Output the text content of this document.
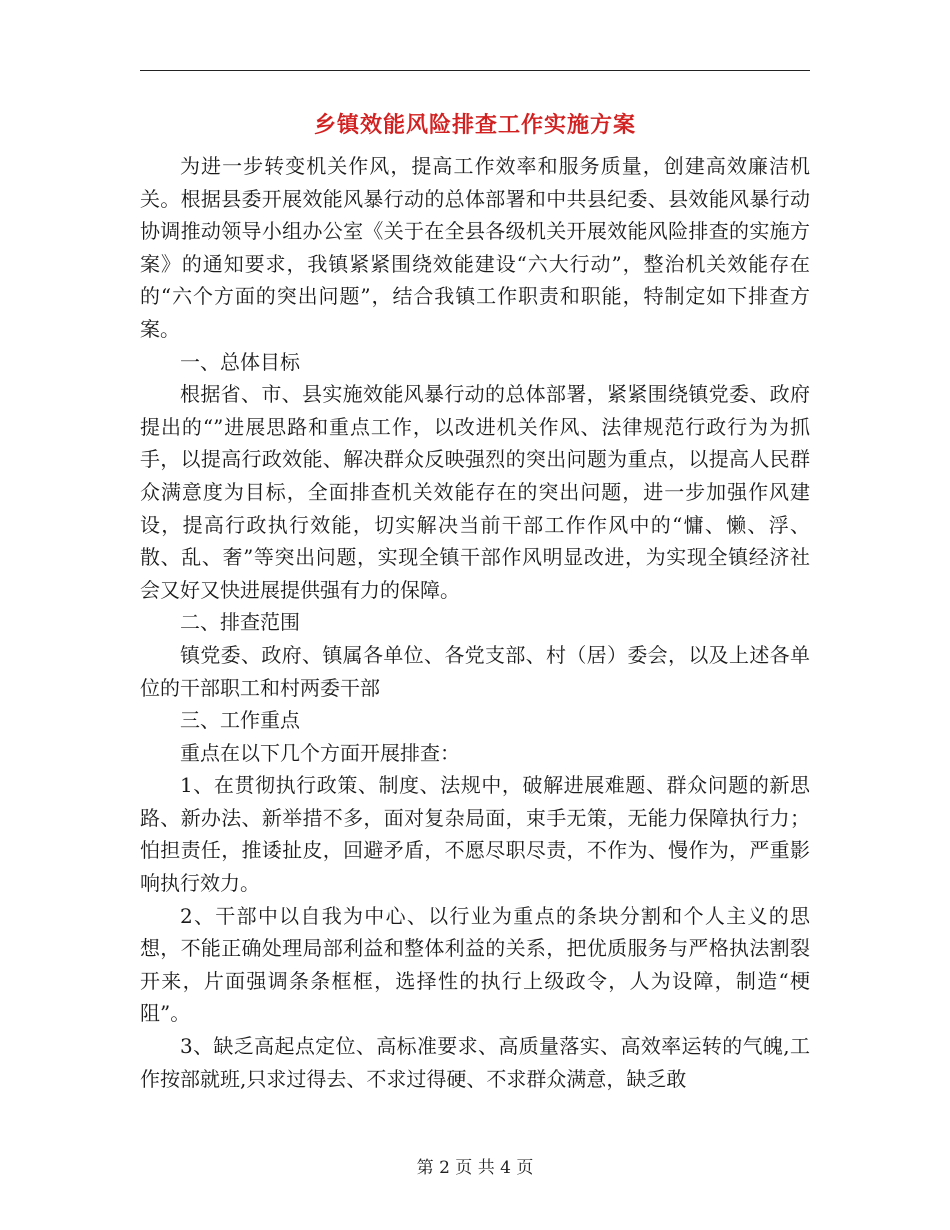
乡镇效能风险排查工作实施方案

为进一步转变机关作风，提高工作效率和服务质量，创建高效廉洁机关。根据县委开展效能风暴行动的总体部署和中共县纪委、县效能风暴行动协调推动领导小组办公室《关于在全县各级机关开展效能风险排查的实施方案》的通知要求，我镇紧紧围绕效能建设“六大行动”，整治机关效能存在的“六个方面的突出问题”，结合我镇工作职责和职能，特制定如下排查方案。

一、总体目标

根据省、市、县实施效能风暴行动的总体部署，紧紧围绕镇党委、政府提出的“”进展思路和重点工作，以改进机关作风、法律规范行政行为为抓手，以提高行政效能、解决群众反映强烈的突出问题为重点，以提高人民群众满意度为目标，全面排查机关效能存在的突出问题，进一步加强作风建设，提高行政执行效能，切实解决当前干部工作作风中的“慵、懒、浮、散、乱、奢”等突出问题，实现全镇干部作风明显改进，为实现全镇经济社会又好又快进展提供强有力的保障。

二、排查范围

镇党委、政府、镇属各单位、各党支部、村（居）委会，以及上述各单位的干部职工和村两委干部

三、工作重点

重点在以下几个方面开展排查：

1、在贯彻执行政策、制度、法规中，破解进展难题、群众问题的新思路、新办法、新举措不多，面对复杂局面，束手无策，无能力保障执行力；怕担责任，推诿扯皮，回避矛盾，不愿尽职尽责，不作为、慢作为，严重影响执行效力。

2、干部中以自我为中心、以行业为重点的条块分割和个人主义的思想，不能正确处理局部利益和整体利益的关系，把优质服务与严格执法割裂开来，片面强调条条框框，选择性的执行上级政令，人为设障，制造“梗阻”。

3、缺乏高起点定位、高标准要求、高质量落实、高效率运转的气魄,工作按部就班,只求过得去、不求过得硬、不求群众满意，缺乏敢

第 2 页 共 4 页
